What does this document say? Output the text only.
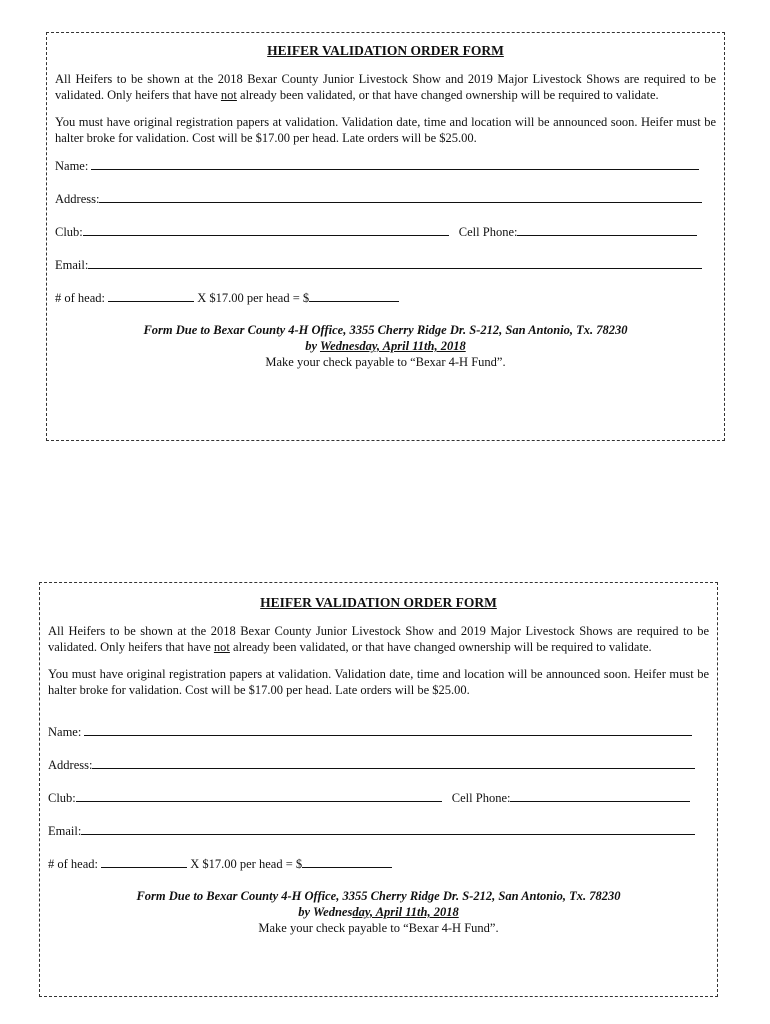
HEIFER VALIDATION ORDER FORM

All Heifers to be shown at the 2018 Bexar County Junior Livestock Show and 2019 Major Livestock Shows are required to be validated. Only heifers that have not already been validated, or that have changed ownership will be required to validate.

You must have original registration papers at validation. Validation date, time and location will be announced soon. Heifer must be halter broke for validation. Cost will be $17.00 per head. Late orders will be $25.00.

Name:
Address:
Club:	Cell Phone:
Email:
# of head:	X $17.00 per head = $
Form Due to Bexar County 4-H Office, 3355 Cherry Ridge Dr. S-212, San Antonio, Tx. 78230
by Wednesday, April 11th, 2018
Make your check payable to “Bexar 4-H Fund”.
HEIFER VALIDATION ORDER FORM

All Heifers to be shown at the 2018 Bexar County Junior Livestock Show and 2019 Major Livestock Shows are required to be validated. Only heifers that have not already been validated, or that have changed ownership will be required to validate.

You must have original registration papers at validation. Validation date, time and location will be announced soon. Heifer must be halter broke for validation. Cost will be $17.00 per head. Late orders will be $25.00.

Name:
Address:
Club:	Cell Phone:
Email:
# of head:	X $17.00 per head = $
Form Due to Bexar County 4-H Office, 3355 Cherry Ridge Dr. S-212, San Antonio, Tx. 78230
by Wednesday, April 11th, 2018
Make your check payable to “Bexar 4-H Fund”.
